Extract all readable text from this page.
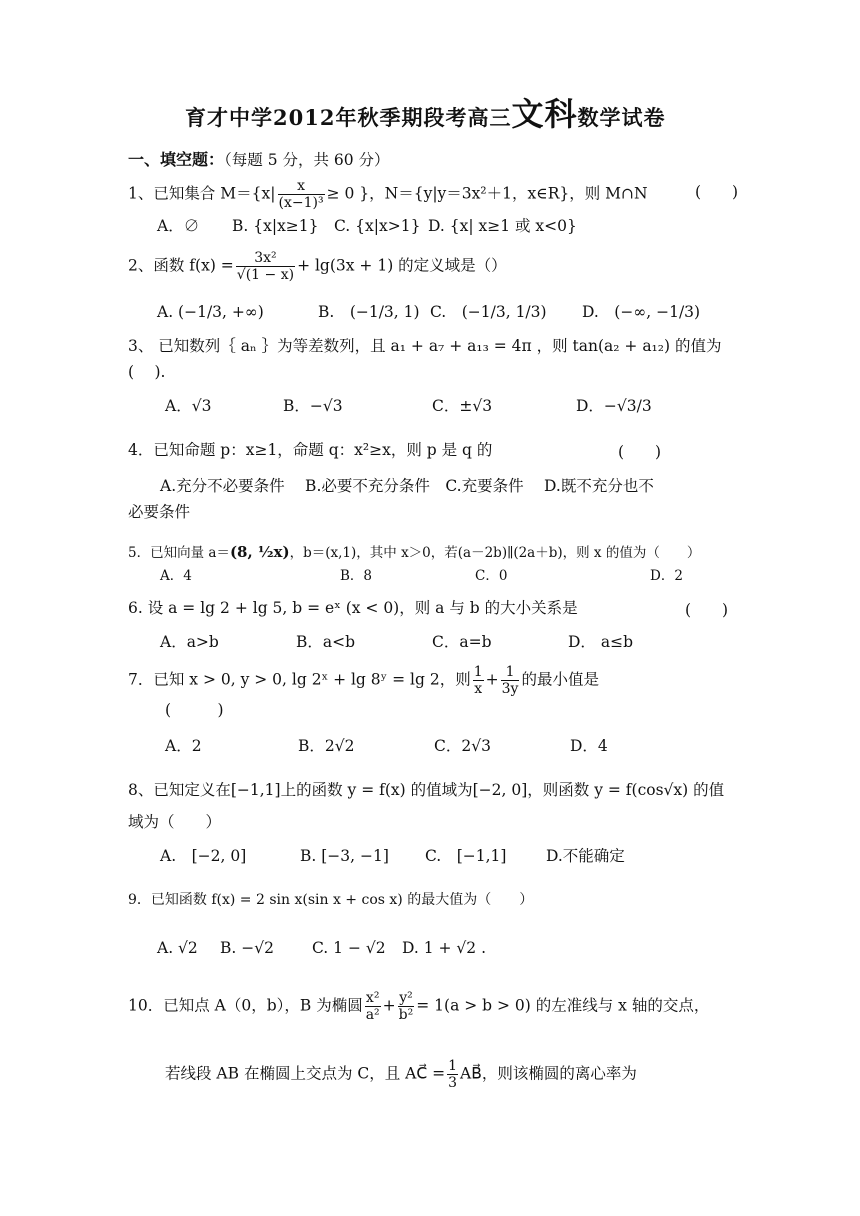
育才中学2012年秋季期段考高三文科数学试卷
一、填空题：（每题 5 分，共 60 分）
1、已知集合 $M=\{x| \frac{x}{\text{(x−1)³}} \ge 0$ }，N＝{y|y＝3x²＋1，x∈R}，则 M∩N	(　　)
A．∅ B. {x|x≥1} C. {x|x>1} D. {x| x≥1 或 x<0}
2、函数 $f(x) = \frac{\text{3x²}}{√(1 - x)} + \lg(3x + 1)$ 的定义域是（）
A. (−1/3, +∞)	B.　(−1/3, 1) C.　(−1/3, 1/3) D.　(−∞, −1/3)
3、 已知数列｛ aₙ ｝为等差数列，且 a₁ + a₇ + a₁₃ = 4π ，则 tan(a₂ + a₁₂) 的值为
(　 ).
A．√3	B．−√3	C．±√3	D．−√3/3
4．已知命题 p：x≥1，命题 q：x²≥x，则 p 是 q 的	(　　)
A.充分不必要条件　 B.必要不充分条件　C.充要条件　 D.既不充分也不
必要条件
5．已知向量 a＝(8, ½x)，b＝(x,1)，其中 x＞0，若(a－2b)∥(2a＋b)，则 x 的值为（　　）
A．4	B．8	C．0	D．2
6. 设 a = lg 2 + lg 5, b = eˣ (x < 0)，则 a 与 b 的大小关系是	(　　)
A．a>b	B．a<b	C．a=b	D． a≤b
7．已知 x > 0, y > 0, lg 2ˣ + lg 8ʸ = lg 2，则 $\frac{1}{x} + \frac{1}{3y}$ 的最小值是
(　　　)
A．2	B．2√2	C．2√3	D．4
8、已知定义在[−1,1]上的函数 y = f(x) 的值域为[−2, 0]，则函数 y = f(cos√x) 的值
域为（　　）
A.　[−2, 0]	B. [−3, −1] C.　[−1,1]	D.不能确定
9．已知函数 f(x) = 2 sin x(sin x + cos x) 的最大值为（　　）
A. √2 B. −√2 C. 1 − √2 D. 1 + √2 .
10．已知点 A（0，b），B 为椭圆 $\frac{\text{x²}}{\text{a²}} + \frac{\text{y²}}{\text{b²}} = 1(a > b > 0)$ 的左准线与 x 轴的交点，
若线段 AB 在椭圆上交点为 C，且 AC⃗ = $\frac{1}{3}$ AB⃗，则该椭圆的离心率为
